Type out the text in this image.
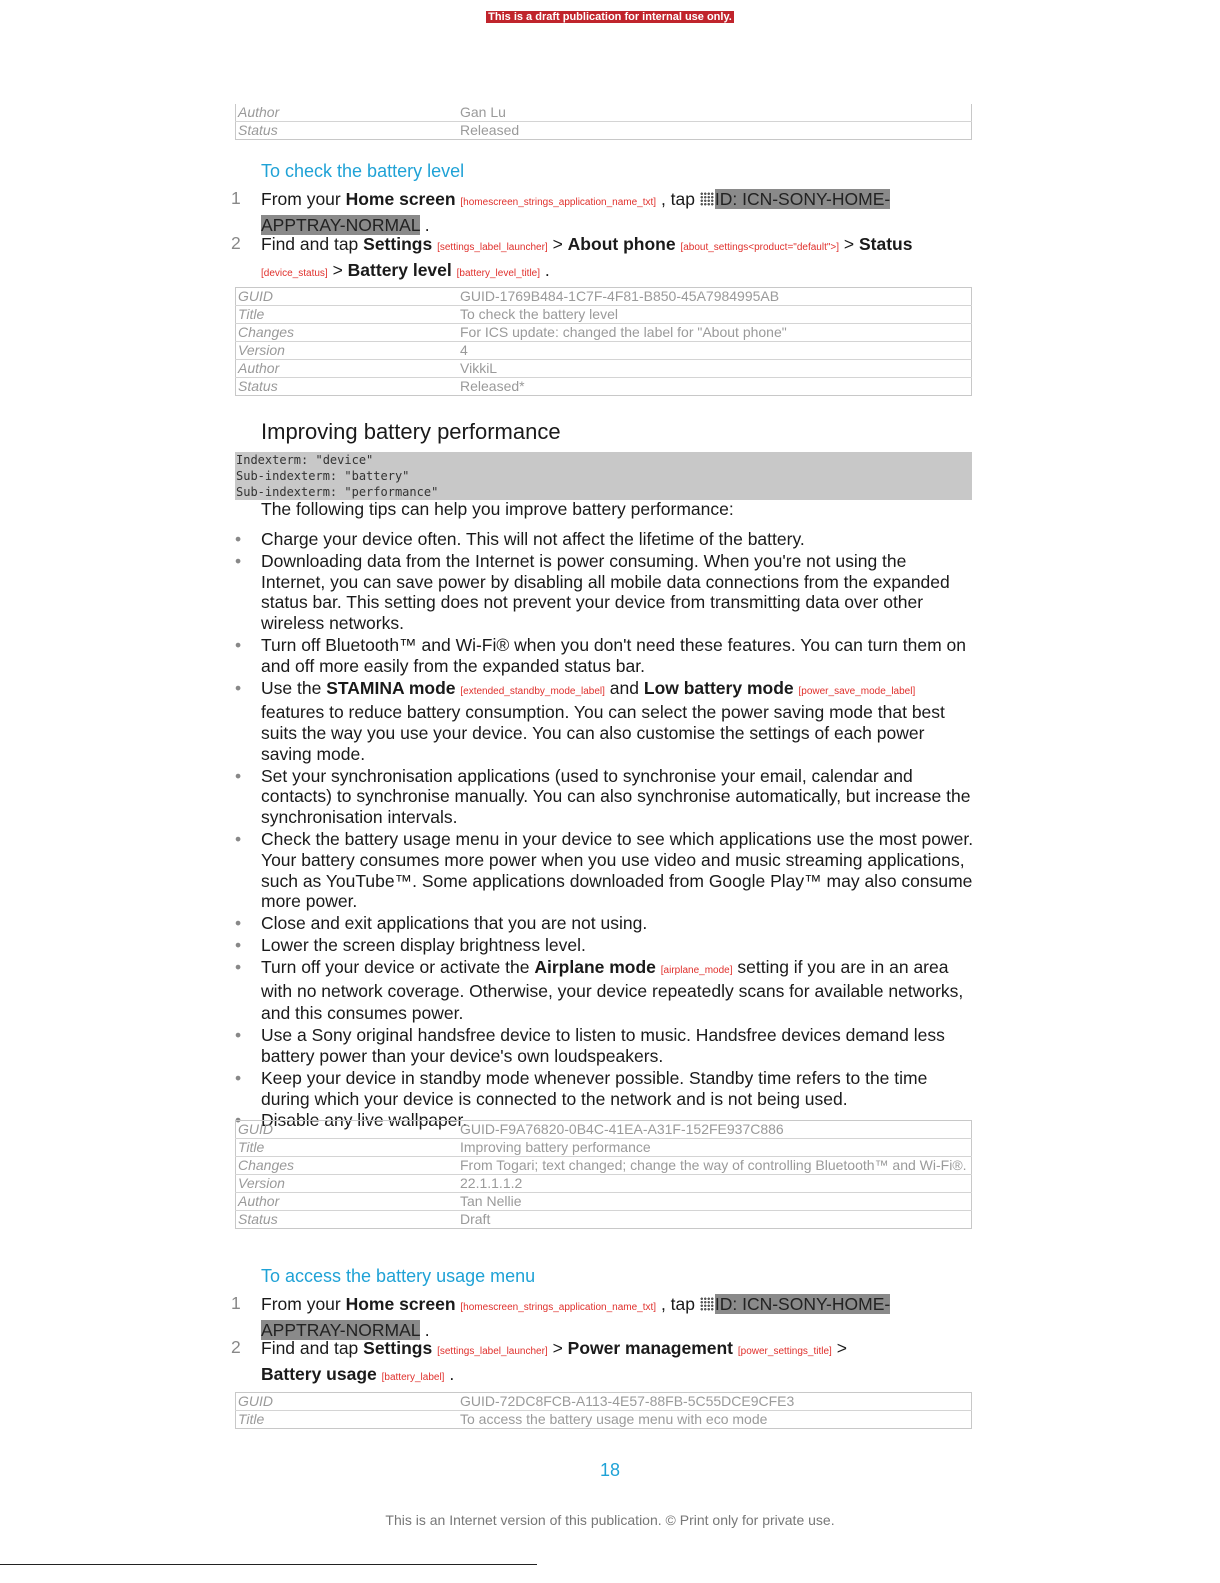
This is a draft publication for internal use only.
Author	Gan Lu
Status	Released
To check the battery level
1 From your Home screen [homescreen_strings_application_name_txt] , tap ID: ICN-SONY-HOME-APPTRAY-NORMAL .
2 Find and tap Settings [settings_label_launcher] > About phone [about_settings<product="default">] > Status [device_status] > Battery level [battery_level_title] .
GUID	GUID-1769B484-1C7F-4F81-B850-45A7984995AB
Title	To check the battery level
Changes	For ICS update: changed the label for "About phone"
Version	4
Author	VikkiL
Status	Released*
Improving battery performance
Indexterm: "device"
Sub-indexterm: "battery"
Sub-indexterm: "performance"
The following tips can help you improve battery performance:
• Charge your device often. This will not affect the lifetime of the battery.
• Downloading data from the Internet is power consuming. When you're not using the Internet, you can save power by disabling all mobile data connections from the expanded status bar. This setting does not prevent your device from transmitting data over other wireless networks.
• Turn off Bluetooth™ and Wi-Fi® when you don't need these features. You can turn them on and off more easily from the expanded status bar.
• Use the STAMINA mode [extended_standby_mode_label] and Low battery mode [power_save_mode_label] features to reduce battery consumption. You can select the power saving mode that best suits the way you use your device. You can also customise the settings of each power saving mode.
• Set your synchronisation applications (used to synchronise your email, calendar and contacts) to synchronise manually. You can also synchronise automatically, but increase the synchronisation intervals.
• Check the battery usage menu in your device to see which applications use the most power. Your battery consumes more power when you use video and music streaming applications, such as YouTube™. Some applications downloaded from Google Play™ may also consume more power.
• Close and exit applications that you are not using.
• Lower the screen display brightness level.
• Turn off your device or activate the Airplane mode [airplane_mode] setting if you are in an area with no network coverage. Otherwise, your device repeatedly scans for available networks, and this consumes power.
• Use a Sony original handsfree device to listen to music. Handsfree devices demand less battery power than your device's own loudspeakers.
• Keep your device in standby mode whenever possible. Standby time refers to the time during which your device is connected to the network and is not being used.
• Disable any live wallpaper.
GUID	GUID-F9A76820-0B4C-41EA-A31F-152FE937C886
Title	Improving battery performance
Changes	From Togari; text changed; change the way of controlling Bluetooth™ and Wi-Fi®.
Version	22.1.1.1.2
Author	Tan Nellie
Status	Draft
To access the battery usage menu
1 From your Home screen [homescreen_strings_application_name_txt] , tap ID: ICN-SONY-HOME-APPTRAY-NORMAL .
2 Find and tap Settings [settings_label_launcher] > Power management [power_settings_title] > Battery usage [battery_label] .
GUID	GUID-72DC8FCB-A113-4E57-88FB-5C55DCE9CFE3
Title	To access the battery usage menu with eco mode
18
This is an Internet version of this publication. © Print only for private use.
